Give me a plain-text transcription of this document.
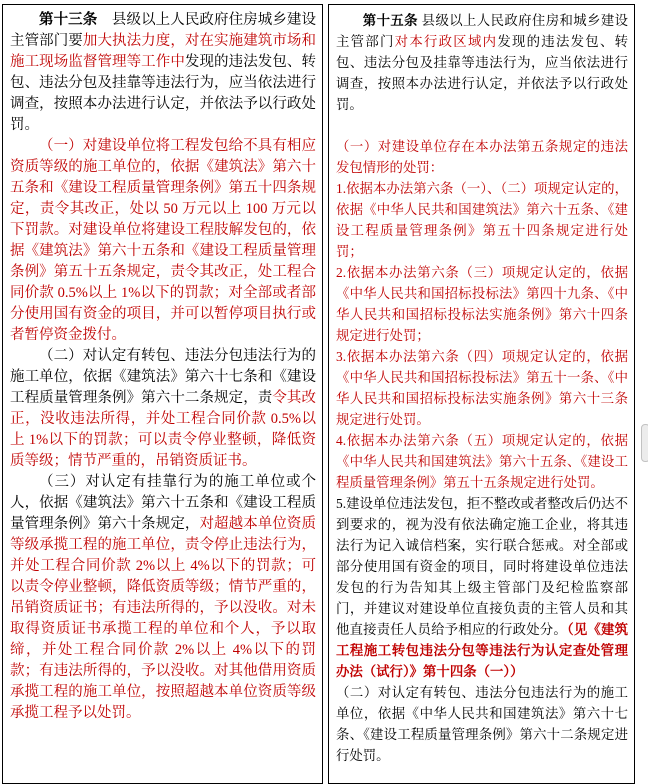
第十三条　县级以上人民政府住房城乡建设主管部门要加大执法力度，对在实施建筑市场和施工现场监督管理等工作中发现的违法发包、转包、违法分包及挂靠等违法行为，应当依法进行调查，按照本办法进行认定，并依法予以行政处罚。

（一）对建设单位将工程发包给不具有相应资质等级的施工单位的，依据《建筑法》第六十五条和《建设工程质量管理条例》第五十四条规定，责令其改正，处以 50 万元以上 100 万元以下罚款。对建设单位将建设工程肢解发包的，依据《建筑法》第六十五条和《建设工程质量管理条例》第五十五条规定，责令其改正，处工程合同价款 0.5%以上 1%以下的罚款；对全部或者部分使用国有资金的项目，并可以暂停项目执行或者暂停资金拨付。

（二）对认定有转包、违法分包违法行为的施工单位，依据《建筑法》第六十七条和《建设工程质量管理条例》第六十二条规定，责令其改正，没收违法所得，并处工程合同价款 0.5%以上 1%以下的罚款；可以责令停业整顿，降低资质等级；情节严重的，吊销资质证书。

（三）对认定有挂靠行为的施工单位或个人，依据《建筑法》第六十五条和《建设工程质量管理条例》第六十条规定，对超越本单位资质等级承揽工程的施工单位，责令停止违法行为，并处工程合同价款 2%以上 4%以下的罚款；可以责令停业整顿，降低资质等级；情节严重的，吊销资质证书；有违法所得的，予以没收。对未取得资质证书承揽工程的单位和个人，予以取缔，并处工程合同价款 2%以上 4%以下的罚款；有违法所得的，予以没收。对其他借用资质承揽工程的施工单位，按照超越本单位资质等级承揽工程予以处罚。

第十五条 县级以上人民政府住房和城乡建设主管部门对本行政区域内发现的违法发包、转包、违法分包及挂靠等违法行为，应当依法进行调查，按照本办法进行认定，并依法予以行政处罚。

（一）对建设单位存在本办法第五条规定的违法发包情形的处罚：

1.依据本办法第六条（一）、（二）项规定认定的，依据《中华人民共和国建筑法》第六十五条、《建设工程质量管理条例》第五十四条规定进行处罚；

2.依据本办法第六条（三）项规定认定的，依据《中华人民共和国招标投标法》第四十九条、《中华人民共和国招标投标法实施条例》第六十四条规定进行处罚；

3.依据本办法第六条（四）项规定认定的，依据《中华人民共和国招标投标法》第五十一条、《中华人民共和国招标投标法实施条例》第六十三条规定进行处罚。

4.依据本办法第六条（五）项规定认定的，依据《中华人民共和国建筑法》第六十五条、《建设工程质量管理条例》第五十五条规定进行处罚。

5.建设单位违法发包，拒不整改或者整改后仍达不到要求的，视为没有依法确定施工企业，将其违法行为记入诚信档案，实行联合惩戒。对全部或部分使用国有资金的项目，同时将建设单位违法发包的行为告知其上级主管部门及纪检监察部门，并建议对建设单位直接负责的主管人员和其他直接责任人员给予相应的行政处分。（见《建筑工程施工转包违法分包等违法行为认定查处管理办法（试行）》第十四条（一））

（二）对认定有转包、违法分包违法行为的施工单位，依据《中华人民共和国建筑法》第六十七条、《建设工程质量管理条例》第六十二条规定进行处罚。
